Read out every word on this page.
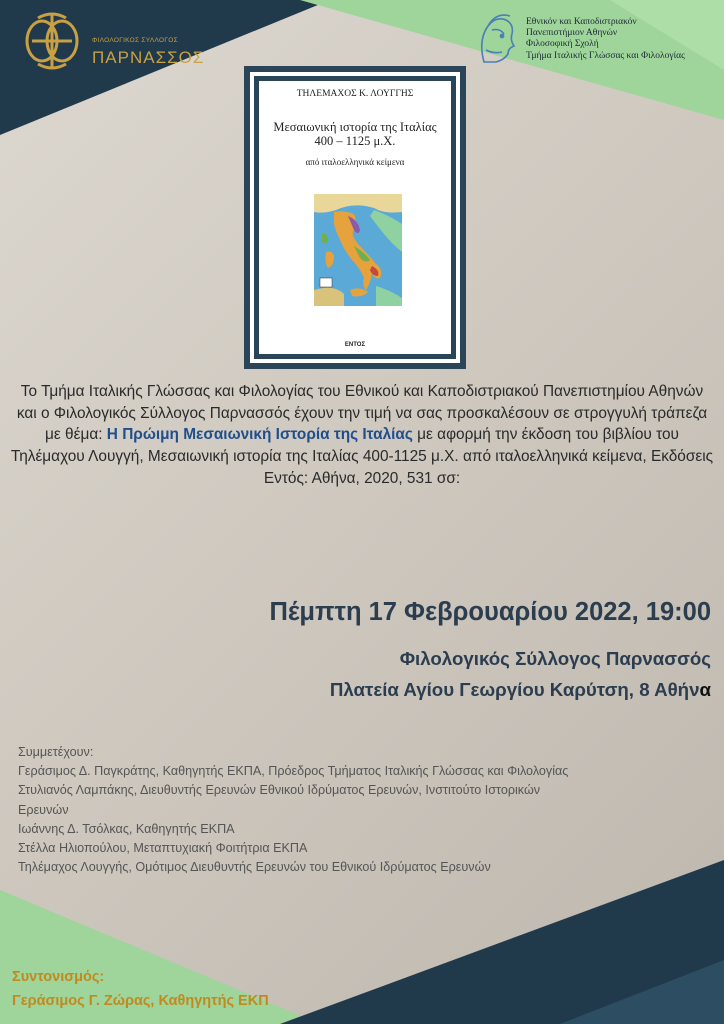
ΦΙΛΟΛΟΓΙΚΟΣ ΣΥΛΛΟΓΟΣ
ΠΑΡΝΑΣΣΟΣ
Εθνικόν και Καποδιστριακόν
Πανεπιστήμιον Αθηνών
Φιλοσοφική Σχολή
Τμήμα Ιταλικής Γλώσσας και Φιλολογίας
ΤΗΛΕΜΑΧΟΣ Κ. ΛΟΥΓΓΗΣ
Μεσαιωνική ιστορία της Ιταλίας
400 – 1125 μ.Χ.
από ιταλοελληνικά κείμενα
ΕΝΤΟΣ
Το Τμήμα Ιταλικής Γλώσσας και Φιλολογίας του Εθνικού και Καποδιστριακού Πανεπιστημίου Αθηνών και ο Φιλολογικός Σύλλογος Παρνασσός έχουν την τιμή να σας προσκαλέσουν σε στρογγυλή τράπεζα με θέμα: Η Πρώιμη Μεσαιωνική Ιστορία της Ιταλίας με αφορμή την έκδοση του βιβλίου του Τηλέμαχου Λουγγή, Μεσαιωνική ιστορία της Ιταλίας 400-1125 μ.Χ. από ιταλοελληνικά κείμενα, Εκδόσεις Εντός: Αθήνα, 2020, 531 σσ:
Πέμπτη 17 Φεβρουαρίου 2022, 19:00
Φιλολογικός Σύλλογος Παρνασσός
Πλατεία Αγίου Γεωργίου Καρύτση, 8 Αθήνα
Συμμετέχουν:
Γεράσιμος Δ. Παγκράτης, Καθηγητής ΕΚΠΑ, Πρόεδρος Τμήματος Ιταλικής Γλώσσας και Φιλολογίας
Στυλιανός Λαμπάκης, Διευθυντής Ερευνών Εθνικού Ιδρύματος Ερευνών, Ινστιτούτο Ιστορικών
Ερευνών
Ιωάννης Δ. Τσόλκας, Καθηγητής ΕΚΠΑ
Στέλλα Ηλιοπούλου, Μεταπτυχιακή Φοιτήτρια ΕΚΠΑ
Τηλέμαχος Λουγγής, Ομότιμος Διευθυντής Ερευνών του Εθνικού Ιδρύματος Ερευνών
Συντονισμός:
Γεράσιμος Γ. Ζώρας, Καθηγητής ΕΚΠ
